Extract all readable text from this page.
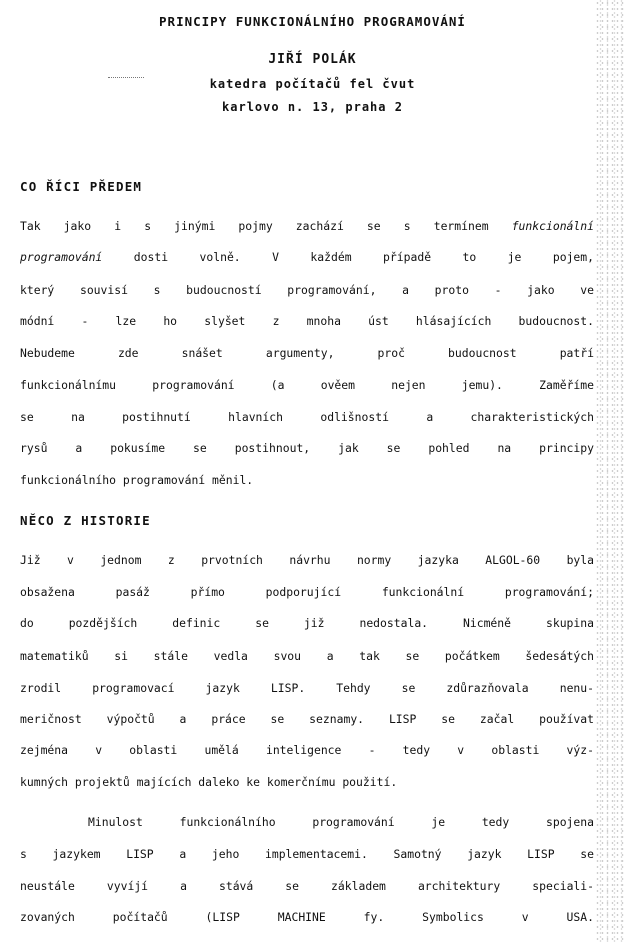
PRINCIPY FUNKCIONÁLNÍHO PROGRAMOVÁNÍ
JIŘÍ POLÁK
katedra počítačů fel čvut
karlovo n. 13, praha 2
CO ŘÍCI PŘEDEM
Tak jako i s jinými pojmy zachází se s termínem funkcionální
programování	dosti volně. V každém případě to je pojem,
který souvisí s budoucností programování, a proto - jako ve
módní - lze ho slyšet z mnoha úst hlásajících budoucnost.
Nebudeme zde snášet argumenty, proč budoucnost patří
funkcionálnímu programování (a ověem nejen jemu). Zaměříme
se na postihnutí hlavních odlišností a charakteristických
rysů a pokusíme se postihnout, jak se pohled na principy
funkcionálního programování měnil.
NĚCO Z HISTORIE
Již v jednom z prvotních návrhu normy jazyka ALGOL-60 byla
obsažena pasáž přímo podporující funkcionální programování;
do pozdějších definic se již nedostala. Nicméně skupina
matematiků si stále vedla svou a tak se počátkem šedesátých
zrodil programovací jazyk LISP. Tehdy se zdůrazňovala nenu-
meričnost výpočtů a práce se seznamy. LISP se začal používat
zejména v oblasti umělá inteligence - tedy v oblasti výz-
kumných projektů majících daleko ke komerčnímu použití.
Minulost funkcionálního programování je tedy spojena
s jazykem LISP a jeho implementacemi. Samotný jazyk LISP se
neustále vyvíjí a stává se základem architektury speciali-
zovaných počítačů (LISP MACHINE fy. Symbolics v USA.
